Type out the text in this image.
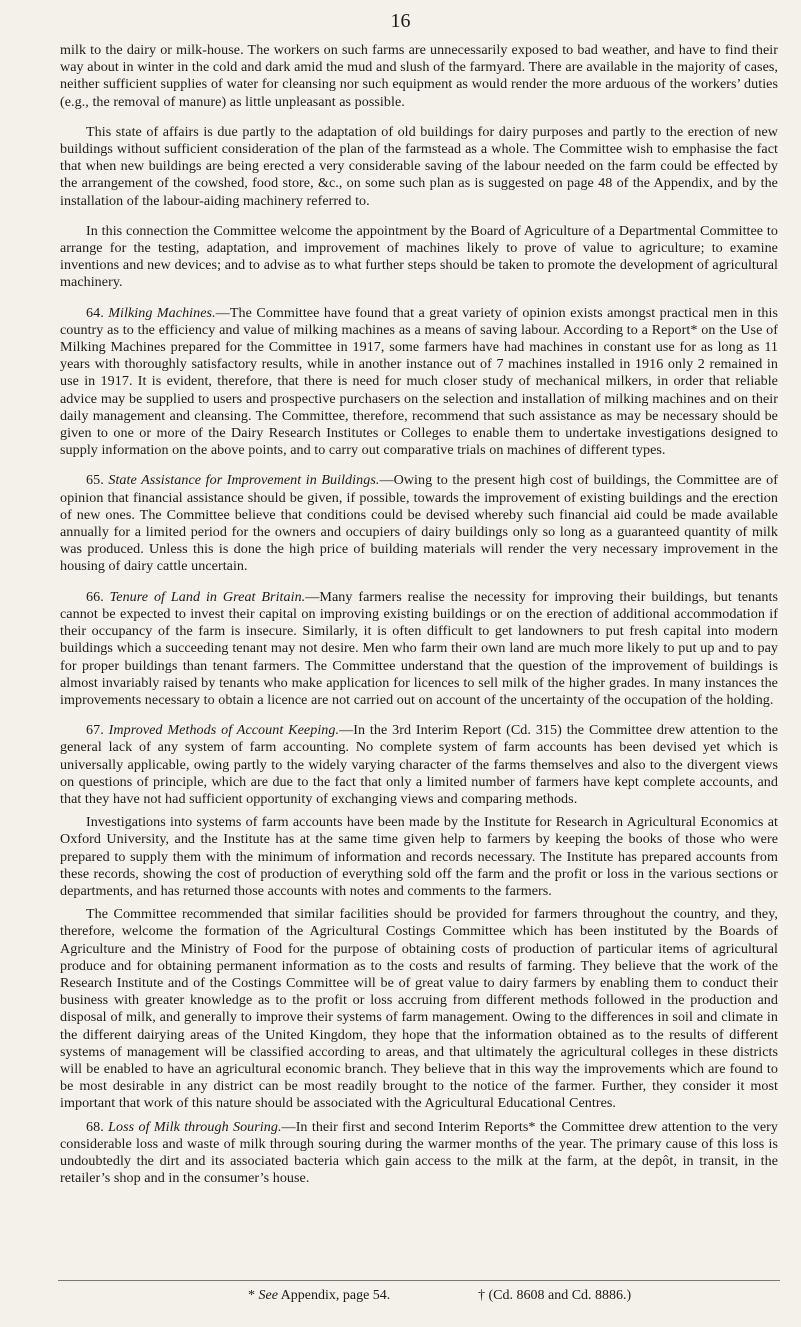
16

milk to the dairy or milk-house. The workers on such farms are unnecessarily exposed to bad weather, and have to find their way about in winter in the cold and dark amid the mud and slush of the farmyard. There are available in the majority of cases, neither sufficient supplies of water for cleansing nor such equipment as would render the more arduous of the workers’ duties (e.g., the removal of manure) as little unpleasant as possible.

This state of affairs is due partly to the adaptation of old buildings for dairy purposes and partly to the erection of new buildings without sufficient consideration of the plan of the farmstead as a whole. The Committee wish to emphasise the fact that when new buildings are being erected a very considerable saving of the labour needed on the farm could be effected by the arrangement of the cowshed, food store, &c., on some such plan as is suggested on page 48 of the Appendix, and by the installation of the labour-aiding machinery referred to.

In this connection the Committee welcome the appointment by the Board of Agriculture of a Departmental Committee to arrange for the testing, adaptation, and improvement of machines likely to prove of value to agriculture; to examine inventions and new devices; and to advise as to what further steps should be taken to promote the development of agricultural machinery.

64. Milking Machines.—The Committee have found that a great variety of opinion exists amongst practical men in this country as to the efficiency and value of milking machines as a means of saving labour. According to a Report* on the Use of Milking Machines prepared for the Committee in 1917, some farmers have had machines in constant use for as long as 11 years with thoroughly satisfactory results, while in another instance out of 7 machines installed in 1916 only 2 remained in use in 1917. It is evident, therefore, that there is need for much closer study of mechanical milkers, in order that reliable advice may be supplied to users and prospective purchasers on the selection and installation of milking machines and on their daily management and cleansing. The Committee, therefore, recommend that such assistance as may be necessary should be given to one or more of the Dairy Research Institutes or Colleges to enable them to undertake investigations designed to supply information on the above points, and to carry out comparative trials on machines of different types.

65. State Assistance for Improvement in Buildings.—Owing to the present high cost of buildings, the Committee are of opinion that financial assistance should be given, if possible, towards the improvement of existing buildings and the erection of new ones. The Committee believe that conditions could be devised whereby such financial aid could be made available annually for a limited period for the owners and occupiers of dairy buildings only so long as a guaranteed quantity of milk was produced. Unless this is done the high price of building materials will render the very necessary improvement in the housing of dairy cattle uncertain.

66. Tenure of Land in Great Britain.—Many farmers realise the necessity for improving their buildings, but tenants cannot be expected to invest their capital on improving existing buildings or on the erection of additional accommodation if their occupancy of the farm is insecure. Similarly, it is often difficult to get landowners to put fresh capital into modern buildings which a succeeding tenant may not desire. Men who farm their own land are much more likely to put up and to pay for proper buildings than tenant farmers. The Committee understand that the question of the improvement of buildings is almost invariably raised by tenants who make application for licences to sell milk of the higher grades. In many instances the improvements necessary to obtain a licence are not carried out on account of the uncertainty of the occupation of the holding.

67. Improved Methods of Account Keeping.—In the 3rd Interim Report (Cd. 315) the Committee drew attention to the general lack of any system of farm accounting. No complete system of farm accounts has been devised yet which is universally applicable, owing partly to the widely varying character of the farms themselves and also to the divergent views on questions of principle, which are due to the fact that only a limited number of farmers have kept complete accounts, and that they have not had sufficient opportunity of exchanging views and comparing methods.

Investigations into systems of farm accounts have been made by the Institute for Research in Agricultural Economics at Oxford University, and the Institute has at the same time given help to farmers by keeping the books of those who were prepared to supply them with the minimum of information and records necessary. The Institute has prepared accounts from these records, showing the cost of production of everything sold off the farm and the profit or loss in the various sections or departments, and has returned those accounts with notes and comments to the farmers.

The Committee recommended that similar facilities should be provided for farmers throughout the country, and they, therefore, welcome the formation of the Agricultural Costings Committee which has been instituted by the Boards of Agriculture and the Ministry of Food for the purpose of obtaining costs of production of particular items of agricultural produce and for obtaining permanent information as to the costs and results of farming. They believe that the work of the Research Institute and of the Costings Committee will be of great value to dairy farmers by enabling them to conduct their business with greater knowledge as to the profit or loss accruing from different methods followed in the production and disposal of milk, and generally to improve their systems of farm management. Owing to the differences in soil and climate in the different dairying areas of the United Kingdom, they hope that the information obtained as to the results of different systems of management will be classified according to areas, and that ultimately the agricultural colleges in these districts will be enabled to have an agricultural economic branch. They believe that in this way the improvements which are found to be most desirable in any district can be most readily brought to the notice of the farmer. Further, they consider it most important that work of this nature should be associated with the Agricultural Educational Centres.

68. Loss of Milk through Souring.—In their first and second Interim Reports* the Committee drew attention to the very considerable loss and waste of milk through souring during the warmer months of the year. The primary cause of this loss is undoubtedly the dirt and its associated bacteria which gain access to the milk at the farm, at the depôt, in transit, in the retailer’s shop and in the consumer’s house.

* See Appendix, page 54.	† (Cd. 8608 and Cd. 8886.)
